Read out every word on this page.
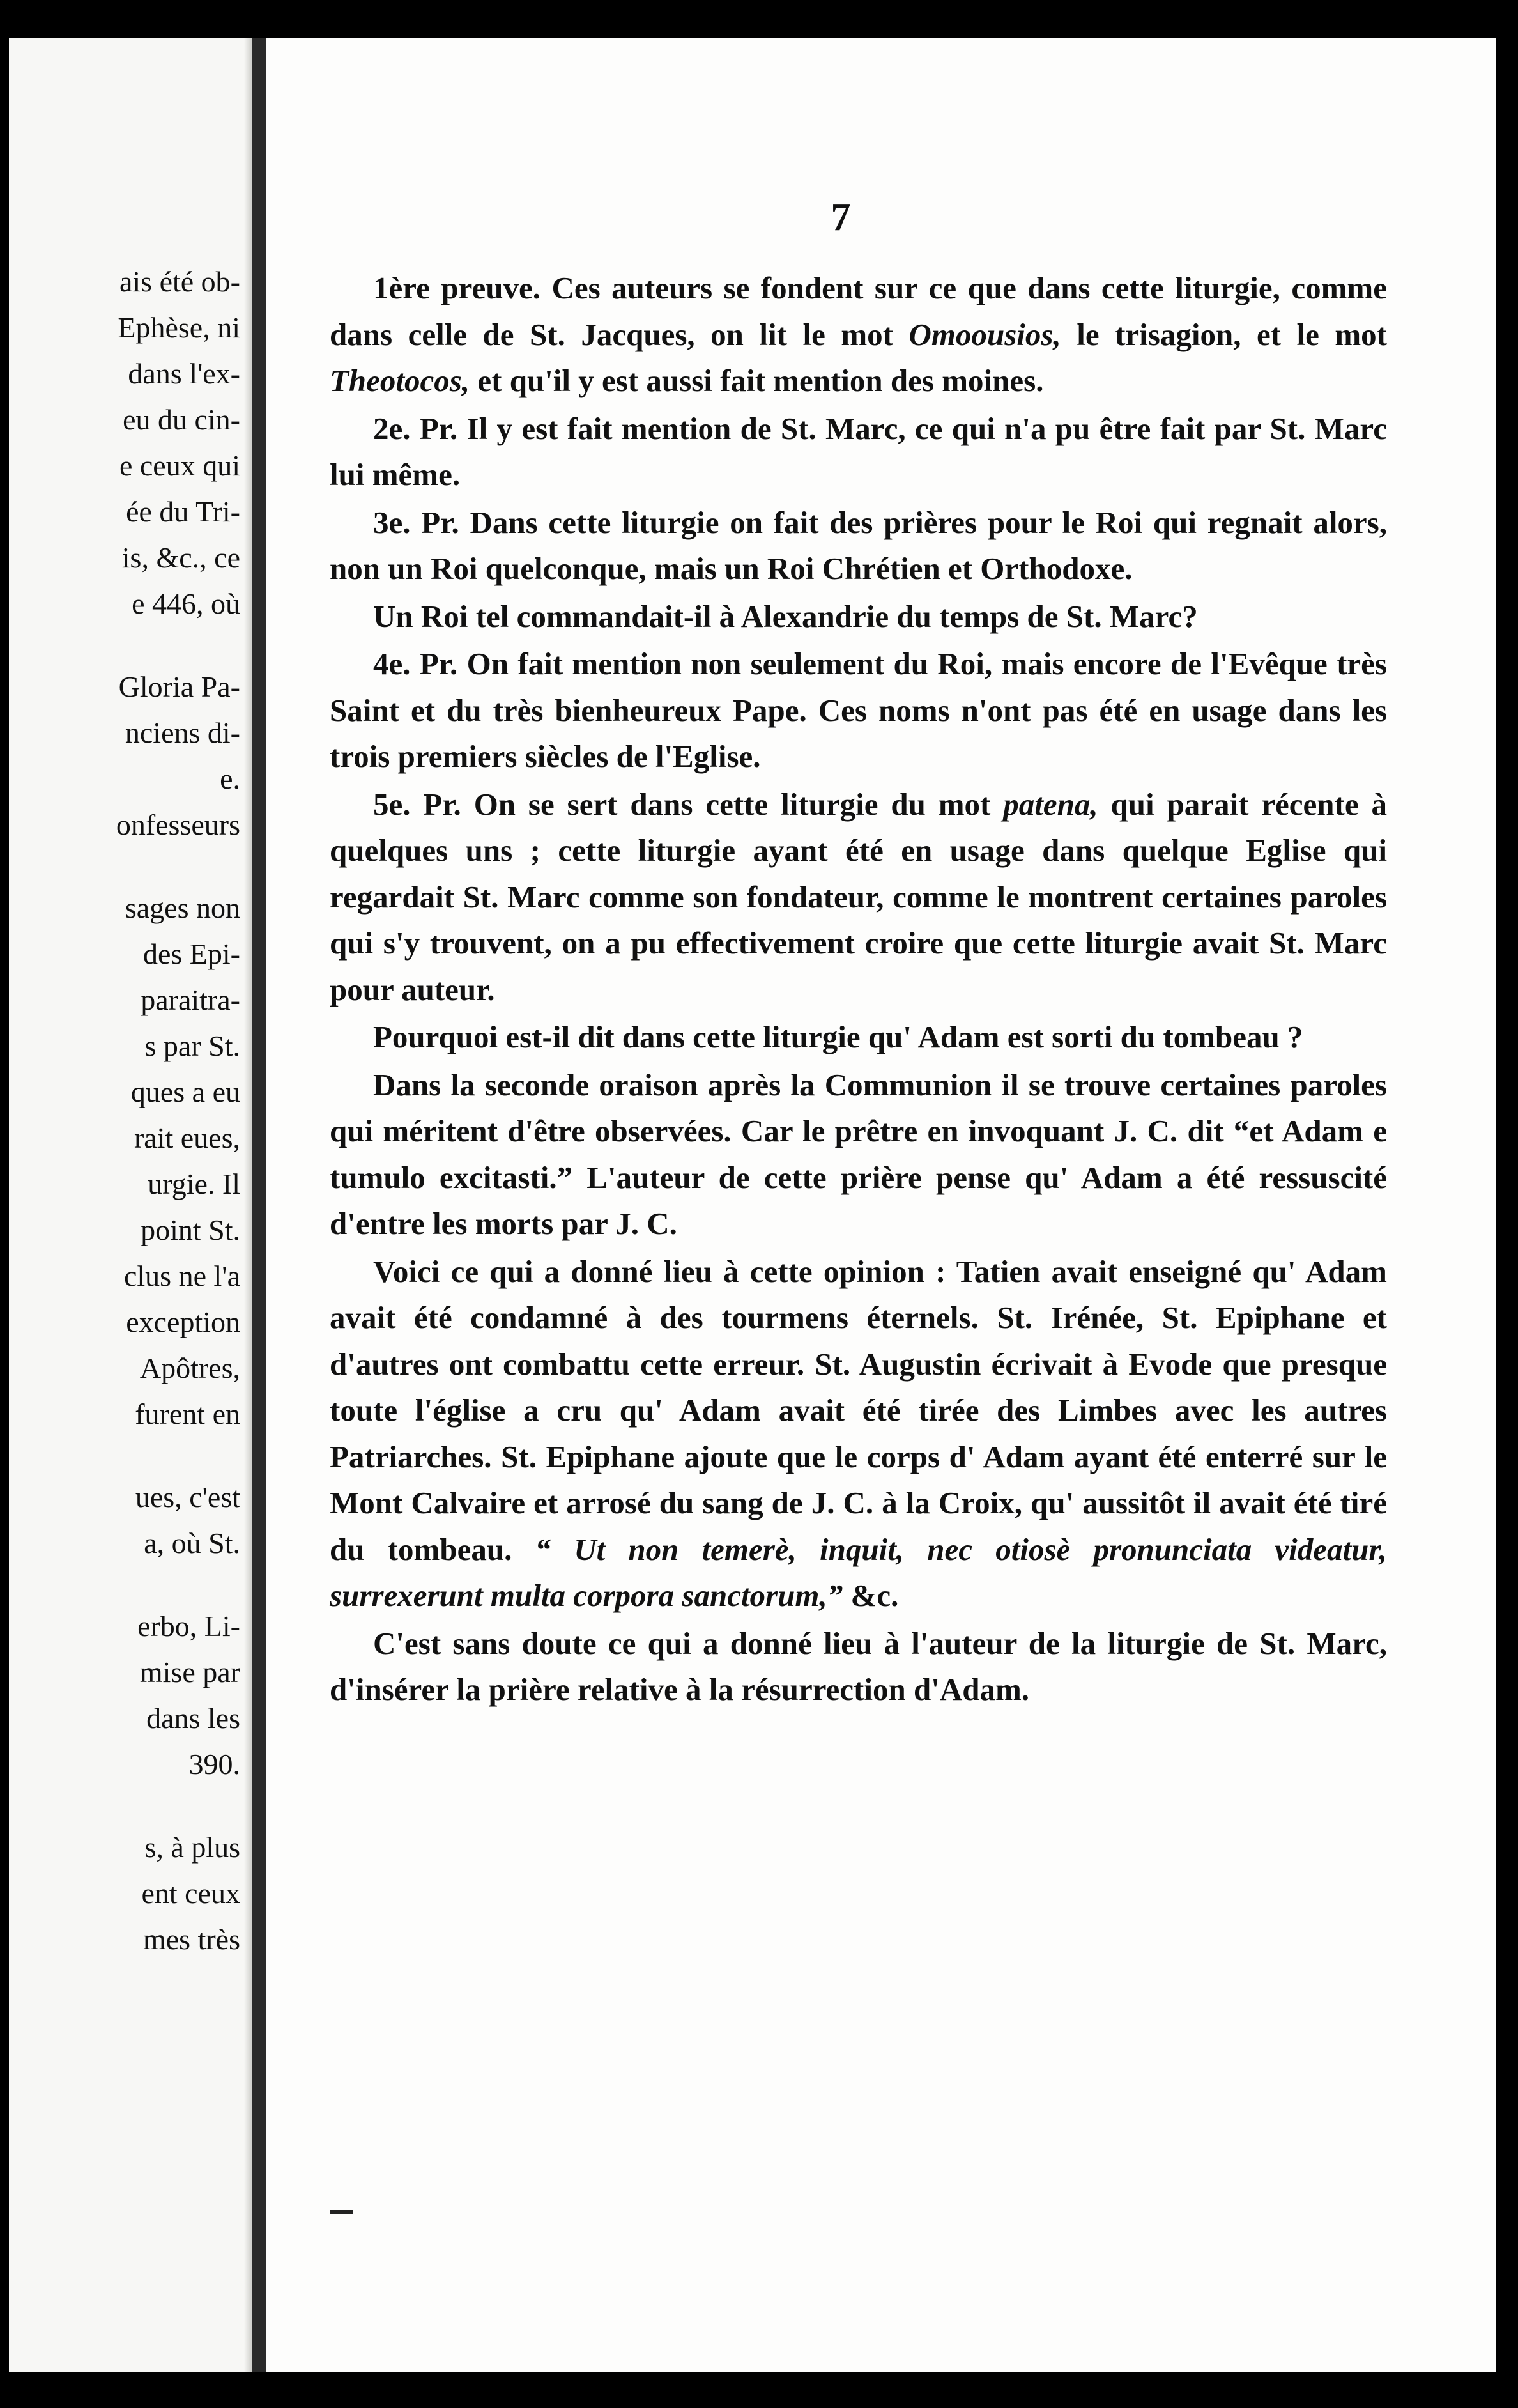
ais été ob-
Ephèse, ni
dans l'ex-
eu du cin-
e ceux qui
ée du Tri-
is, &c., ce
e 446, où
Gloria Pa-
nciens di-
e.
onfesseurs
sages non
des Epi-
paraitra-
s par St.
ques a eu
rait eues,
urgie. Il
point St.
clus ne l'a
exception
Apôtres,
furent en
ues, c'est
a, où St.
erbo, Li-
mise par
dans les
390.
s, à plus
ent ceux
mes très
7

1ère preuve. Ces auteurs se fondent sur ce que dans cette liturgie, comme dans celle de St. Jacques, on lit le mot Omoousios, le trisagion, et le mot Theotocos, et qu'il y est aussi fait mention des moines.

2e. Pr. Il y est fait mention de St. Marc, ce qui n'a pu être fait par St. Marc lui même.

3e. Pr. Dans cette liturgie on fait des prières pour le Roi qui regnait alors, non un Roi quelconque, mais un Roi Chrétien et Orthodoxe.

Un Roi tel commandait-il à Alexandrie du temps de St. Marc?

4e. Pr. On fait mention non seulement du Roi, mais encore de l'Evêque très Saint et du très bienheureux Pape. Ces noms n'ont pas été en usage dans les trois premiers siècles de l'Eglise.

5e. Pr. On se sert dans cette liturgie du mot patena, qui parait récente à quelques uns ; cette liturgie ayant été en usage dans quelque Eglise qui regardait St. Marc comme son fondateur, comme le montrent certaines paroles qui s'y trouvent, on a pu effectivement croire que cette liturgie avait St. Marc pour auteur.

Pourquoi est-il dit dans cette liturgie qu' Adam est sorti du tombeau ?

Dans la seconde oraison après la Communion il se trouve certaines paroles qui méritent d'être observées. Car le prêtre en invoquant J. C. dit “et Adam e tumulo excitasti.” L'auteur de cette prière pense qu' Adam a été ressuscité d'entre les morts par J. C.

Voici ce qui a donné lieu à cette opinion : Tatien avait enseigné qu' Adam avait été condamné à des tourmens éternels. St. Irénée, St. Epiphane et d'autres ont combattu cette erreur. St. Augustin écrivait à Evode que presque toute l'église a cru qu' Adam avait été tirée des Limbes avec les autres Patriarches. St. Epiphane ajoute que le corps d' Adam ayant été enterré sur le Mont Calvaire et arrosé du sang de J. C. à la Croix, qu' aussitôt il avait été tiré du tombeau. “ Ut non temerè, inquit, nec otiosè pronunciata videatur, surrexerunt multa corpora sanctorum,” &c.

C'est sans doute ce qui a donné lieu à l'auteur de la liturgie de St. Marc, d'insérer la prière relative à la résurrection d'Adam.
